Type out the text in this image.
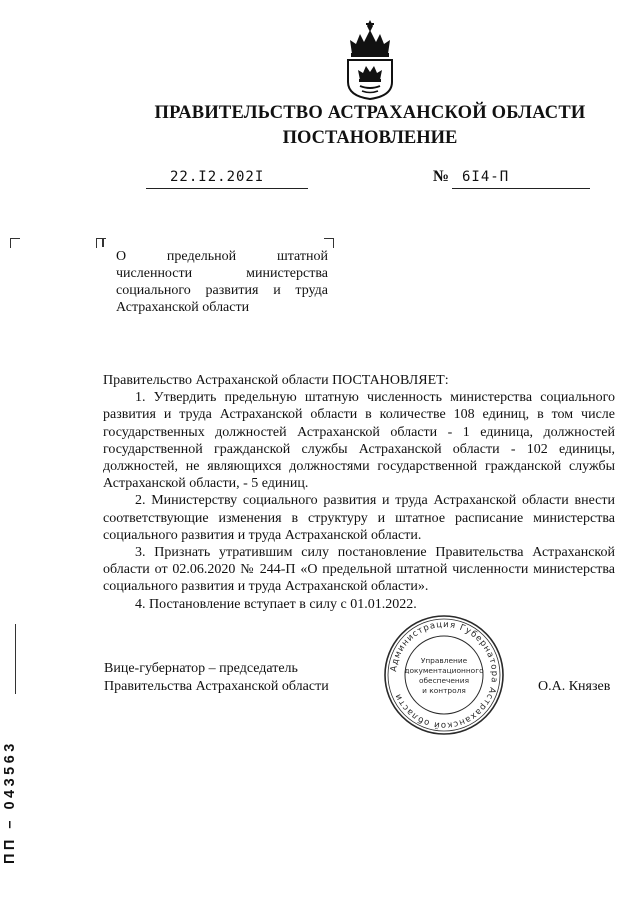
ПРАВИТЕЛЬСТВО АСТРАХАНСКОЙ ОБЛАСТИ
ПОСТАНОВЛЕНИЕ
22.I2.202I	№ 6I4-П
О предельной штатной численности министерства социального развития и труда Астраханской области

Правительство Астраханской области ПОСТАНОВЛЯЕТ:

1. Утвердить предельную штатную численность министерства социального развития и труда Астраханской области в количестве 108 единиц, в том числе государственных должностей Астраханской области - 1 единица, должностей государственной гражданской службы Астраханской области - 102 единицы, должностей, не являющихся должностями государственной гражданской службы Астраханской области, - 5 единиц.

2. Министерству социального развития и труда Астраханской области внести соответствующие изменения в структуру и штатное расписание министерства социального развития и труда Астраханской области.

3. Признать утратившим силу постановление Правительства Астраханской области от 02.06.2020 № 244-П «О предельной штатной численности министерства социального развития и труда Астраханской области».

4. Постановление вступает в силу с 01.01.2022.

Вице-губернатор – председатель
Правительства Астраханской области	О.А. Князев
Администрация Губернатора Астраханской области
Управление
документационного
обеспечения
и контроля
ПП – 043563
